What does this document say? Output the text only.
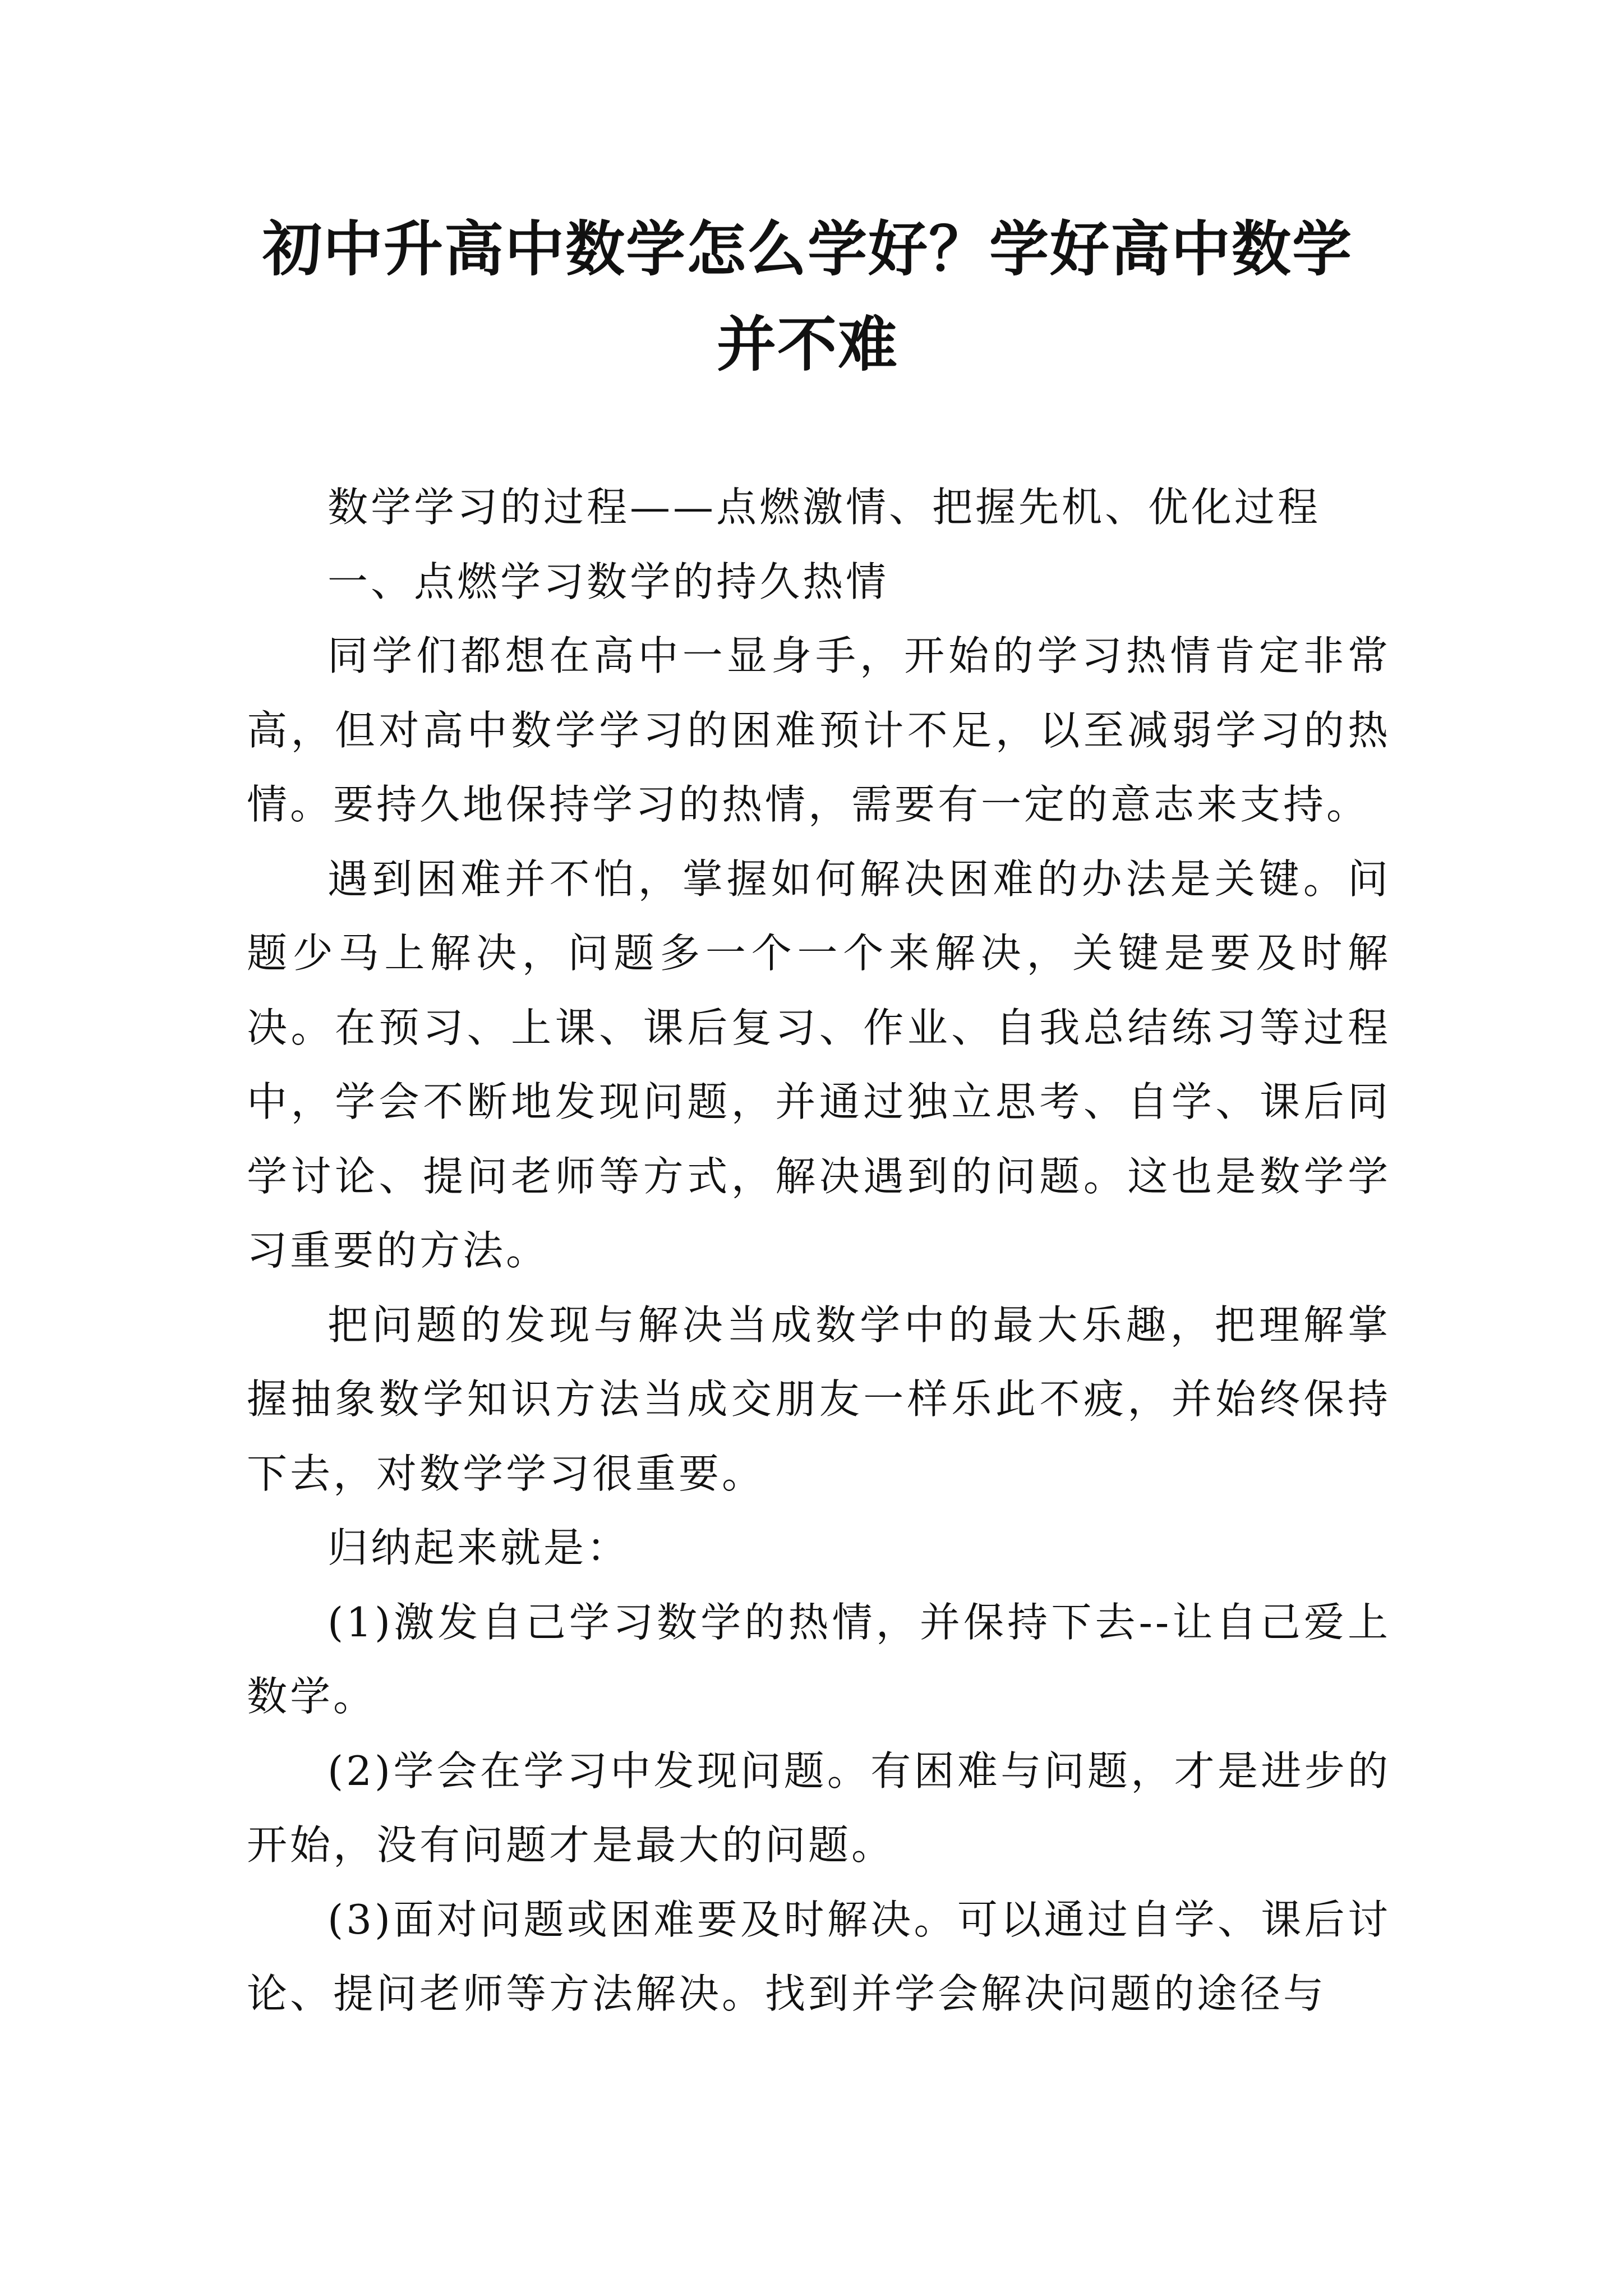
初中升高中数学怎么学好？学好高中数学
并不难

数学学习的过程——点燃激情、把握先机、优化过程

一、点燃学习数学的持久热情

同学们都想在高中一显身手，开始的学习热情肯定非常高，但对高中数学学习的困难预计不足，以至减弱学习的热情。要持久地保持学习的热情，需要有一定的意志来支持。

遇到困难并不怕，掌握如何解决困难的办法是关键。问题少马上解决，问题多一个一个来解决，关键是要及时解决。在预习、上课、课后复习、作业、自我总结练习等过程中，学会不断地发现问题，并通过独立思考、自学、课后同学讨论、提问老师等方式，解决遇到的问题。这也是数学学习重要的方法。

把问题的发现与解决当成数学中的最大乐趣，把理解掌握抽象数学知识方法当成交朋友一样乐此不疲，并始终保持下去，对数学学习很重要。

归纳起来就是：

(1)激发自己学习数学的热情，并保持下去--让自己爱上数学。

(2)学会在学习中发现问题。有困难与问题，才是进步的开始，没有问题才是最大的问题。

(3)面对问题或困难要及时解决。可以通过自学、课后讨论、提问老师等方法解决。找到并学会解决问题的途径与
